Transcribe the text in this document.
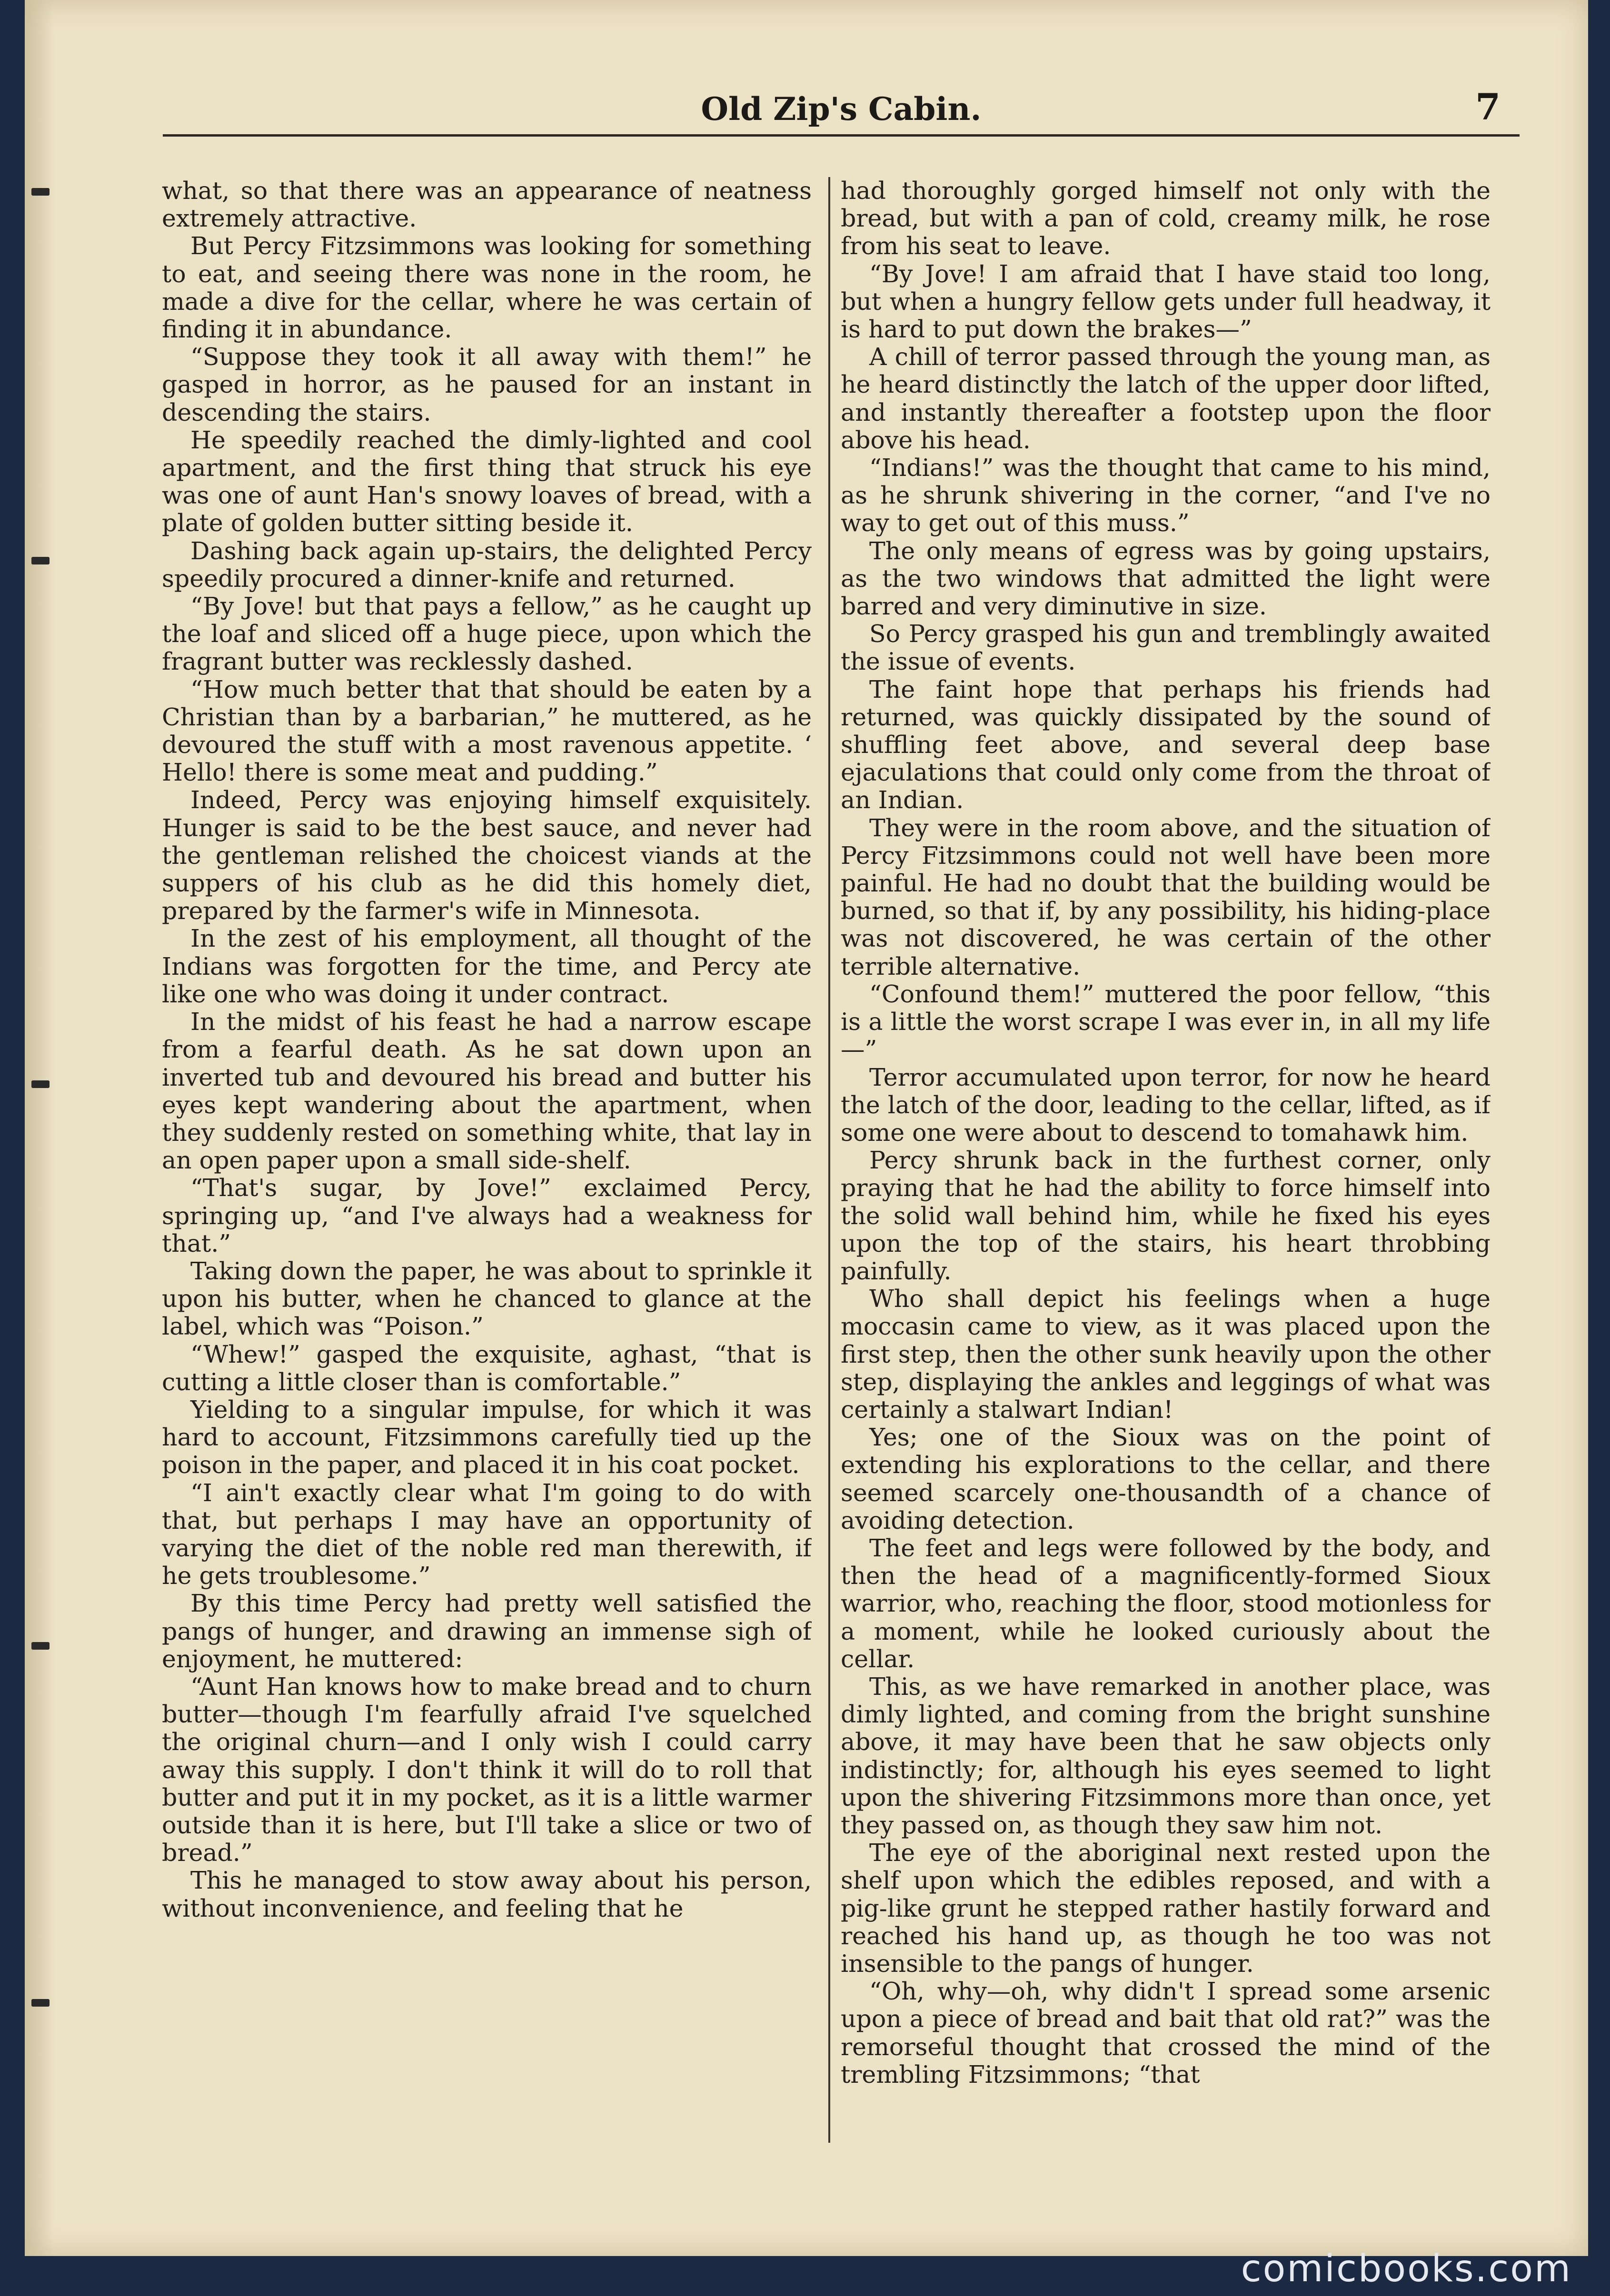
Old Zip's Cabin.	7

what, so that there was an appearance of neatness extremely attractive.

But Percy Fitzsimmons was looking for something to eat, and seeing there was none in the room, he made a dive for the cellar, where he was certain of finding it in abundance.

“Suppose they took it all away with them!” he gasped in horror, as he paused for an instant in descending the stairs.

He speedily reached the dimly-lighted and cool apartment, and the first thing that struck his eye was one of aunt Han's snowy loaves of bread, with a plate of golden butter sitting beside it.

Dashing back again up-stairs, the delighted Percy speedily procured a dinner-knife and returned.

“By Jove! but that pays a fellow,” as he caught up the loaf and sliced off a huge piece, upon which the fragrant butter was recklessly dashed.

“How much better that that should be eaten by a Christian than by a barbarian,” he muttered, as he devoured the stuff with a most ravenous appetite. ‘ Hello! there is some meat and pudding.”

Indeed, Percy was enjoying himself exquisitely. Hunger is said to be the best sauce, and never had the gentleman relished the choicest viands at the suppers of his club as he did this homely diet, prepared by the farmer's wife in Minnesota.

In the zest of his employment, all thought of the Indians was forgotten for the time, and Percy ate like one who was doing it under contract.

In the midst of his feast he had a narrow escape from a fearful death. As he sat down upon an inverted tub and devoured his bread and butter his eyes kept wandering about the apartment, when they suddenly rested on something white, that lay in an open paper upon a small side-shelf.

“That's sugar, by Jove!” exclaimed Percy, springing up, “and I've always had a weakness for that.”

Taking down the paper, he was about to sprinkle it upon his butter, when he chanced to glance at the label, which was “Poison.”

“Whew!” gasped the exquisite, aghast, “that is cutting a little closer than is comfortable.”

Yielding to a singular impulse, for which it was hard to account, Fitzsimmons carefully tied up the poison in the paper, and placed it in his coat pocket.

“I ain't exactly clear what I'm going to do with that, but perhaps I may have an opportunity of varying the diet of the noble red man therewith, if he gets troublesome.”

By this time Percy had pretty well satisfied the pangs of hunger, and drawing an immense sigh of enjoyment, he muttered:

“Aunt Han knows how to make bread and to churn butter—though I'm fearfully afraid I've squelched the original churn—and I only wish I could carry away this supply. I don't think it will do to roll that butter and put it in my pocket, as it is a little warmer outside than it is here, but I'll take a slice or two of bread.”

This he managed to stow away about his person, without inconvenience, and feeling that he

had thoroughly gorged himself not only with the bread, but with a pan of cold, creamy milk, he rose from his seat to leave.

“By Jove! I am afraid that I have staid too long, but when a hungry fellow gets under full headway, it is hard to put down the brakes—”

A chill of terror passed through the young man, as he heard distinctly the latch of the upper door lifted, and instantly thereafter a footstep upon the floor above his head.

“Indians!” was the thought that came to his mind, as he shrunk shivering in the corner, “and I've no way to get out of this muss.”

The only means of egress was by going upstairs, as the two windows that admitted the light were barred and very diminutive in size.

So Percy grasped his gun and tremblingly awaited the issue of events.

The faint hope that perhaps his friends had returned, was quickly dissipated by the sound of shuffling feet above, and several deep base ejaculations that could only come from the throat of an Indian.

They were in the room above, and the situation of Percy Fitzsimmons could not well have been more painful. He had no doubt that the building would be burned, so that if, by any possibility, his hiding-place was not discovered, he was certain of the other terrible alternative.

“Confound them!” muttered the poor fellow, “this is a little the worst scrape I was ever in, in all my life—”

Terror accumulated upon terror, for now he heard the latch of the door, leading to the cellar, lifted, as if some one were about to descend to tomahawk him.

Percy shrunk back in the furthest corner, only praying that he had the ability to force himself into the solid wall behind him, while he fixed his eyes upon the top of the stairs, his heart throbbing painfully.

Who shall depict his feelings when a huge moccasin came to view, as it was placed upon the first step, then the other sunk heavily upon the other step, displaying the ankles and leggings of what was certainly a stalwart Indian!

Yes; one of the Sioux was on the point of extending his explorations to the cellar, and there seemed scarcely one-thousandth of a chance of avoiding detection.

The feet and legs were followed by the body, and then the head of a magnificently-formed Sioux warrior, who, reaching the floor, stood motionless for a moment, while he looked curiously about the cellar.

This, as we have remarked in another place, was dimly lighted, and coming from the bright sunshine above, it may have been that he saw objects only indistinctly; for, although his eyes seemed to light upon the shivering Fitzsimmons more than once, yet they passed on, as though they saw him not.

The eye of the aboriginal next rested upon the shelf upon which the edibles reposed, and with a pig-like grunt he stepped rather hastily forward and reached his hand up, as though he too was not insensible to the pangs of hunger.

“Oh, why—oh, why didn't I spread some arsenic upon a piece of bread and bait that old rat?” was the remorseful thought that crossed the mind of the trembling Fitzsimmons; “that

comicbooks.com
